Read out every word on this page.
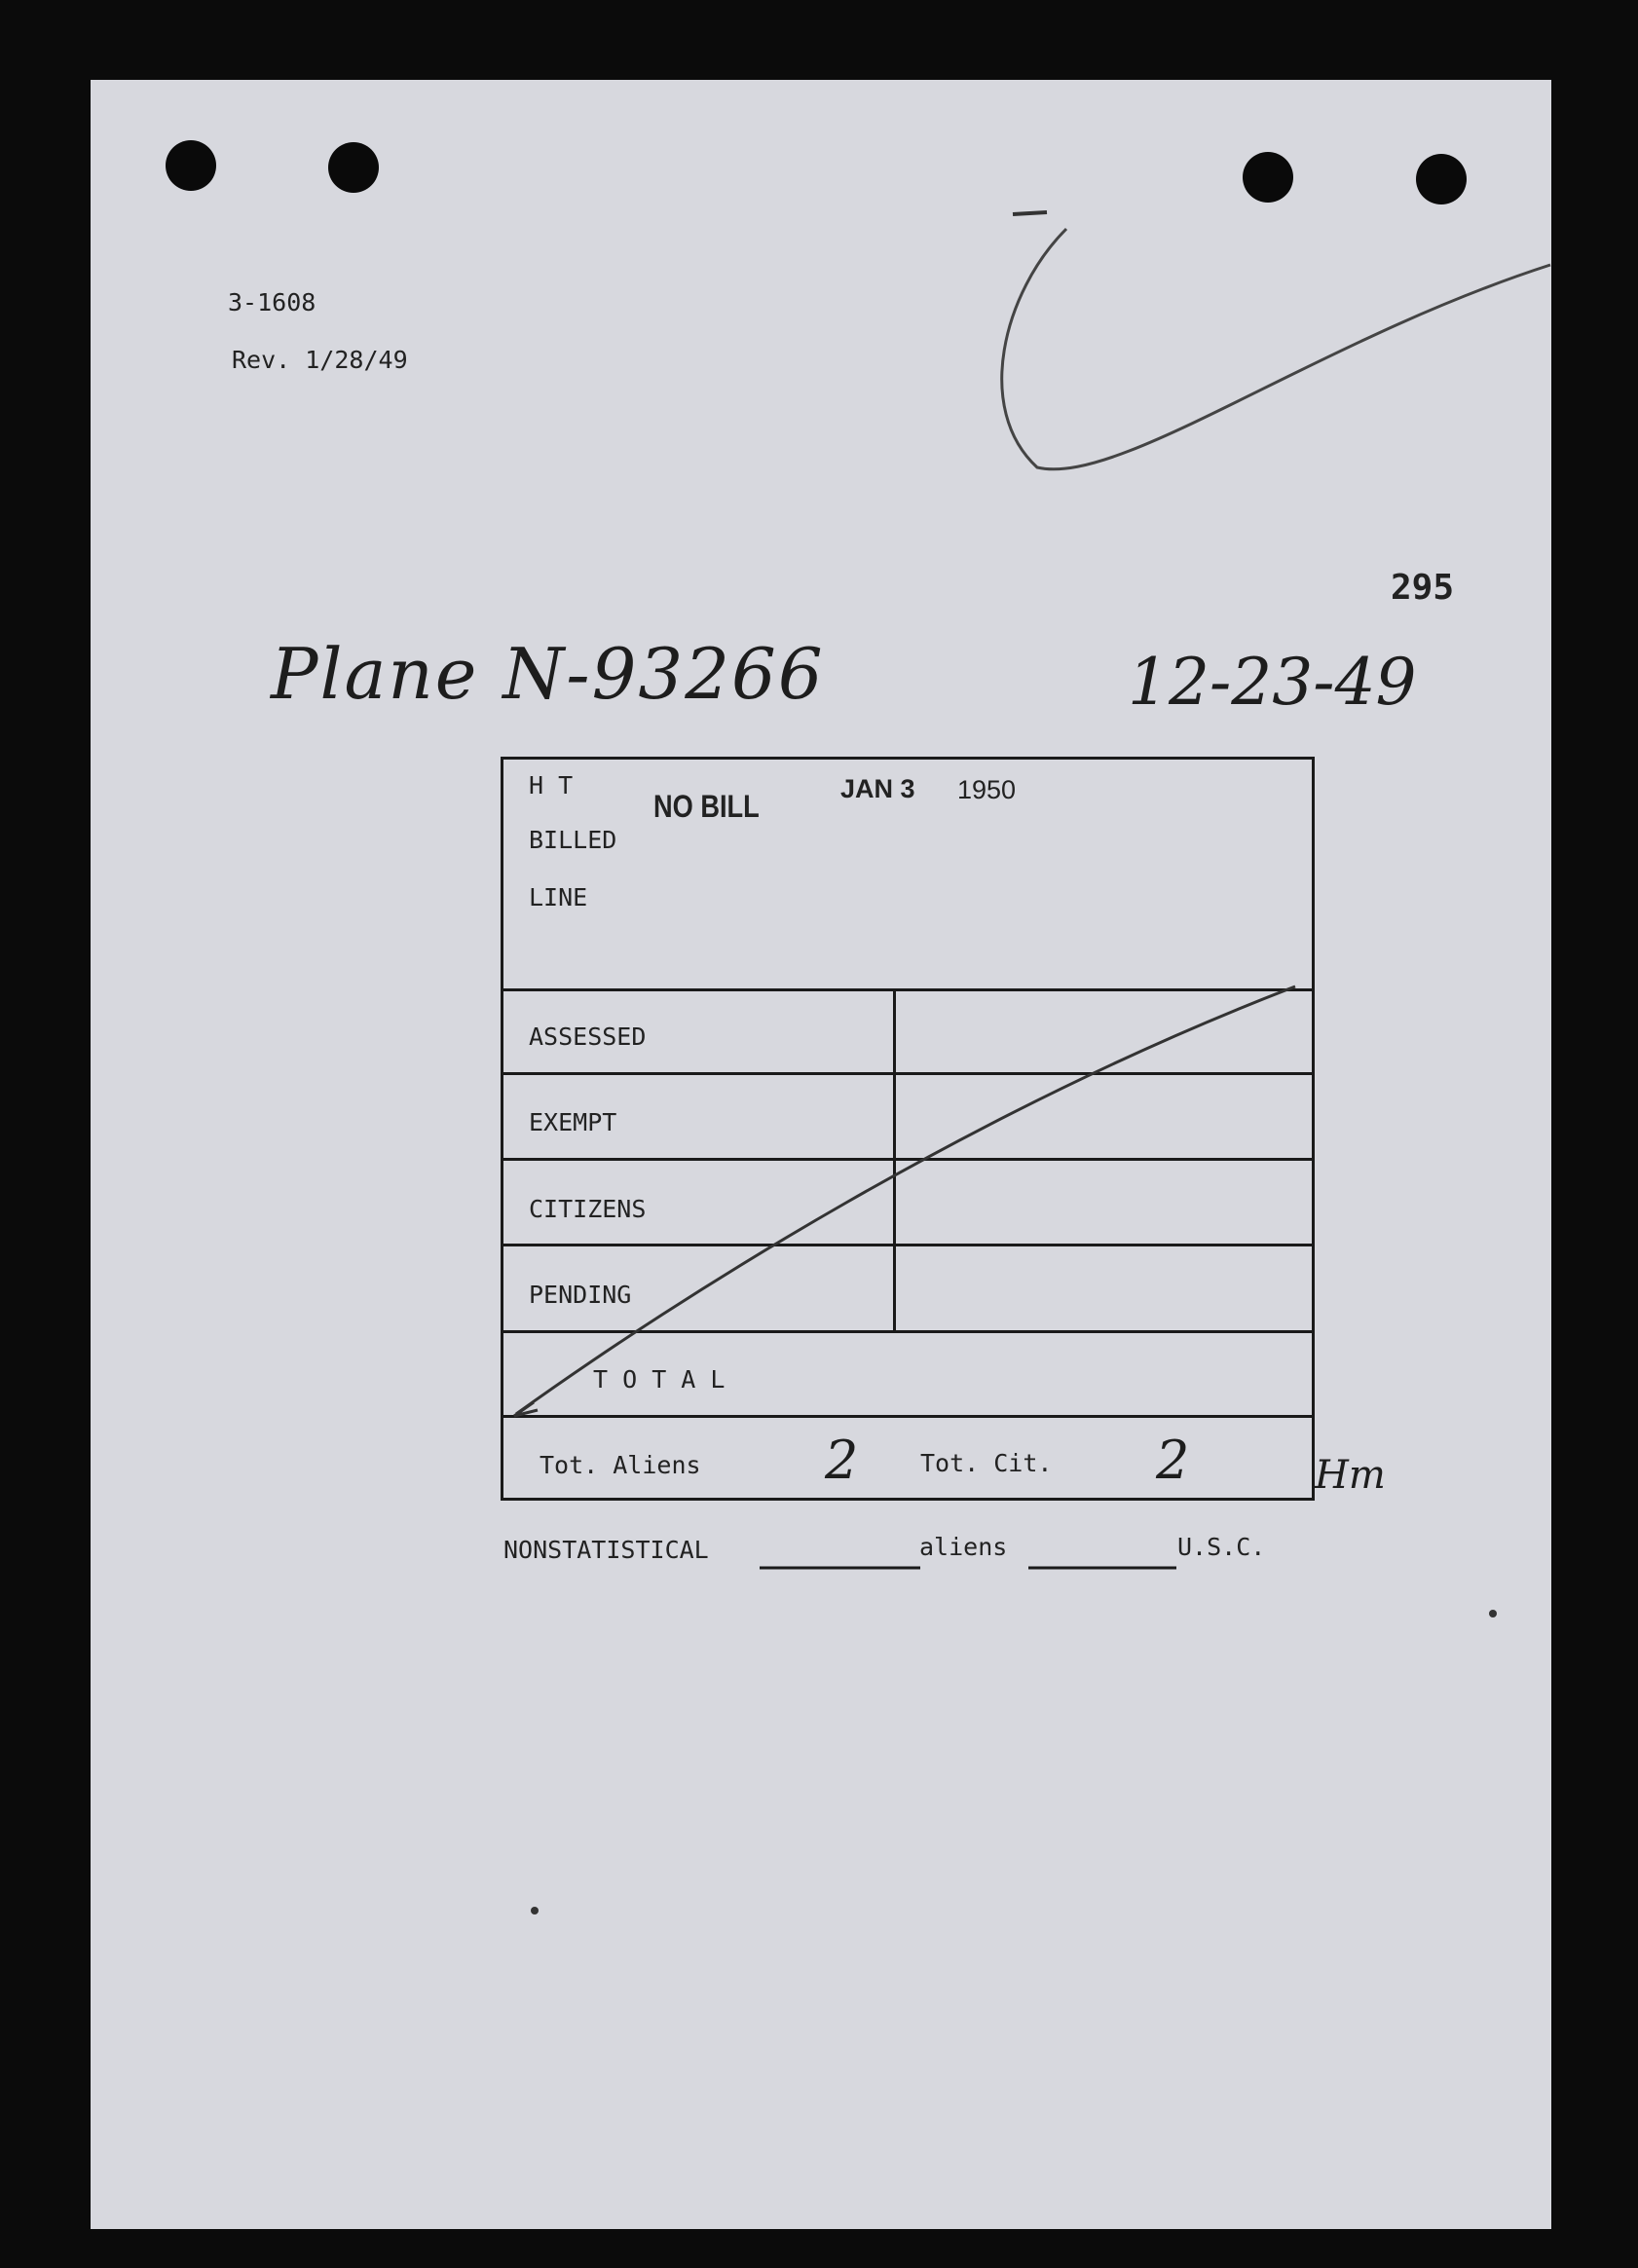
3-1608
Rev. 1/28/49
295
Plane N-93266	12-23-49
H T
NO BILL	JAN 3 1950
BILLED
LINE
ASSESSED
EXEMPT
CITIZENS
PENDING
T O T A L
Tot. Aliens 2	Tot. Cit. 2	Hm
NONSTATISTICAL	aliens	U.S.C.
